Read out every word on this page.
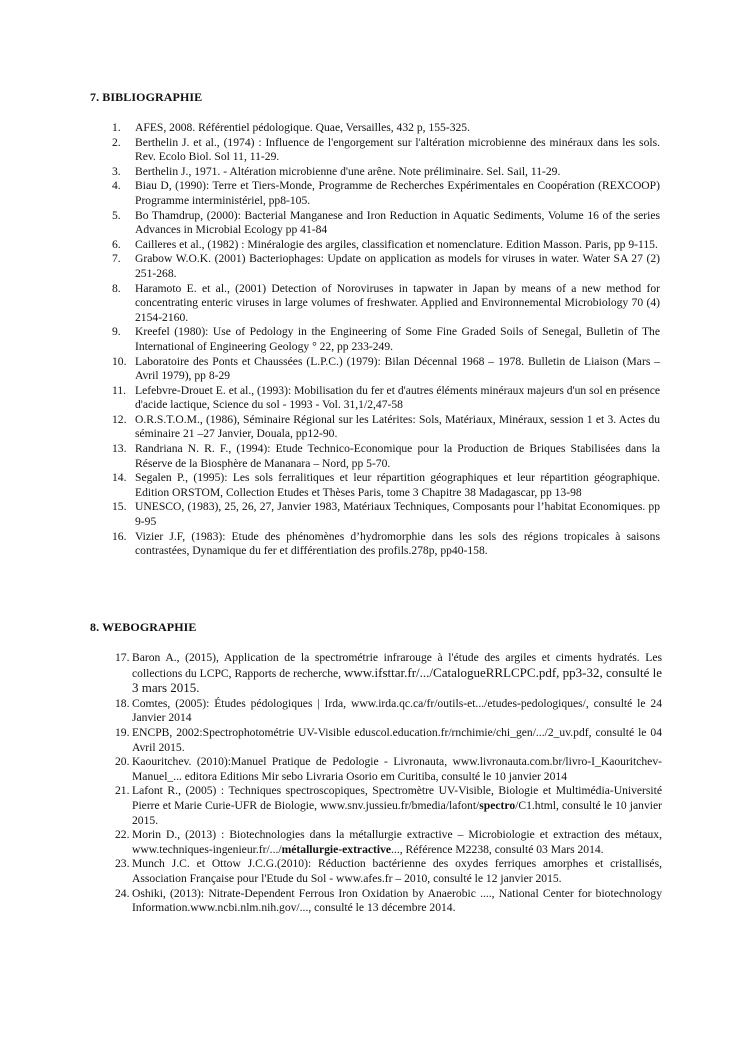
7. BIBLIOGRAPHIE
1. AFES, 2008. Référentiel pédologique. Quae, Versailles, 432 p, 155-325.
2. Berthelin J. et al., (1974) : Influence de l'engorgement sur l'altération microbienne des minéraux dans les sols. Rev. Ecolo Biol. Sol 11, 11-29.
3. Berthelin J., 1971. - Altération microbienne d'une arêne. Note préliminaire. Sel. Sail, 11-29.
4. Biau D, (1990): Terre et Tiers-Monde, Programme de Recherches Expérimentales en Coopération (REXCOOP) Programme interministériel, pp8-105.
5. Bo Thamdrup, (2000): Bacterial Manganese and Iron Reduction in Aquatic Sediments, Volume 16 of the series Advances in Microbial Ecology pp 41-84
6. Cailleres et al., (1982) : Minéralogie des argiles, classification et nomenclature. Edition Masson. Paris, pp 9-115.
7. Grabow W.O.K. (2001) Bacteriophages: Update on application as models for viruses in water. Water SA 27 (2) 251-268.
8. Haramoto E. et al., (2001) Detection of Noroviruses in tapwater in Japan by means of a new method for concentrating enteric viruses in large volumes of freshwater. Applied and Environnemental Microbiology 70 (4) 2154-2160.
9. Kreefel (1980): Use of Pedology in the Engineering of Some Fine Graded Soils of Senegal, Bulletin of The International of Engineering Geology ° 22, pp 233-249.
10. Laboratoire des Ponts et Chaussées (L.P.C.) (1979): Bilan Décennal 1968 – 1978. Bulletin de Liaison (Mars – Avril 1979), pp 8-29
11. Lefebvre-Drouet E. et al., (1993): Mobilisation du fer et d'autres éléments minéraux majeurs d'un sol en présence d'acide lactique, Science du sol - 1993 - Vol. 31,1/2,47-58
12. O.R.S.T.O.M., (1986), Séminaire Régional sur les Latérites: Sols, Matériaux, Minéraux, session 1 et 3. Actes du séminaire 21 –27 Janvier, Douala, pp12-90.
13. Randriana N. R. F., (1994): Etude Technico-Economique pour la Production de Briques Stabilisées dans la Réserve de la Biosphère de Mananara – Nord, pp 5-70.
14. Segalen P., (1995): Les sols ferralitiques et leur répartition géographiques et leur répartition géographique. Edition ORSTOM, Collection Etudes et Thèses Paris, tome 3 Chapitre 38 Madagascar, pp 13-98
15. UNESCO, (1983), 25, 26, 27, Janvier 1983, Matériaux Techniques, Composants pour l’habitat Economiques. pp 9-95
16. Vizier J.F, (1983): Etude des phénomènes d’hydromorphie dans les sols des régions tropicales à saisons contrastées, Dynamique du fer et différentiation des profils.278p, pp40-158.
8. WEBOGRAPHIE
17. Baron A., (2015), Application de la spectrométrie infrarouge à l'étude des argiles et ciments hydratés. Les collections du LCPC, Rapports de recherche, www.ifsttar.fr/.../CatalogueRRLCPC.pdf, pp3-32, consulté le 3 mars 2015.
18. Comtes, (2005): Études pédologiques | Irda, www.irda.qc.ca/fr/outils-et.../etudes-pedologiques/, consulté le 24 Janvier 2014
19. ENCPB, 2002:Spectrophotométrie UV-Visible eduscol.education.fr/rnchimie/chi_gen/.../2_uv.pdf, consulté le 04 Avril 2015.
20. Kaouritchev. (2010):Manuel Pratique de Pedologie - Livronauta, www.livronauta.com.br/livro-I_Kaouritchev-Manuel_... editora Editions Mir sebo Livraria Osorio em Curitiba, consulté le 10 janvier 2014
21. Lafont R., (2005) : Techniques spectroscopiques, Spectromètre UV-Visible, Biologie et Multimédia-Université Pierre et Marie Curie-UFR de Biologie, www.snv.jussieu.fr/bmedia/lafont/spectro/C1.html, consulté le 10 janvier 2015.
22. Morin D., (2013) : Biotechnologies dans la métallurgie extractive – Microbiologie et extraction des métaux, www.techniques-ingenieur.fr/.../métallurgie-extractive..., Référence M2238, consulté 03 Mars 2014.
23. Munch J.C. et Ottow J.C.G.(2010): Réduction bactérienne des oxydes ferriques amorphes et cristallisés, Association Française pour l'Etude du Sol - www.afes.fr – 2010, consulté le 12 janvier 2015.
24. Oshiki, (2013): Nitrate-Dependent Ferrous Iron Oxidation by Anaerobic ...., National Center for biotechnology Information.www.ncbi.nlm.nih.gov/..., consulté le 13 décembre 2014.
